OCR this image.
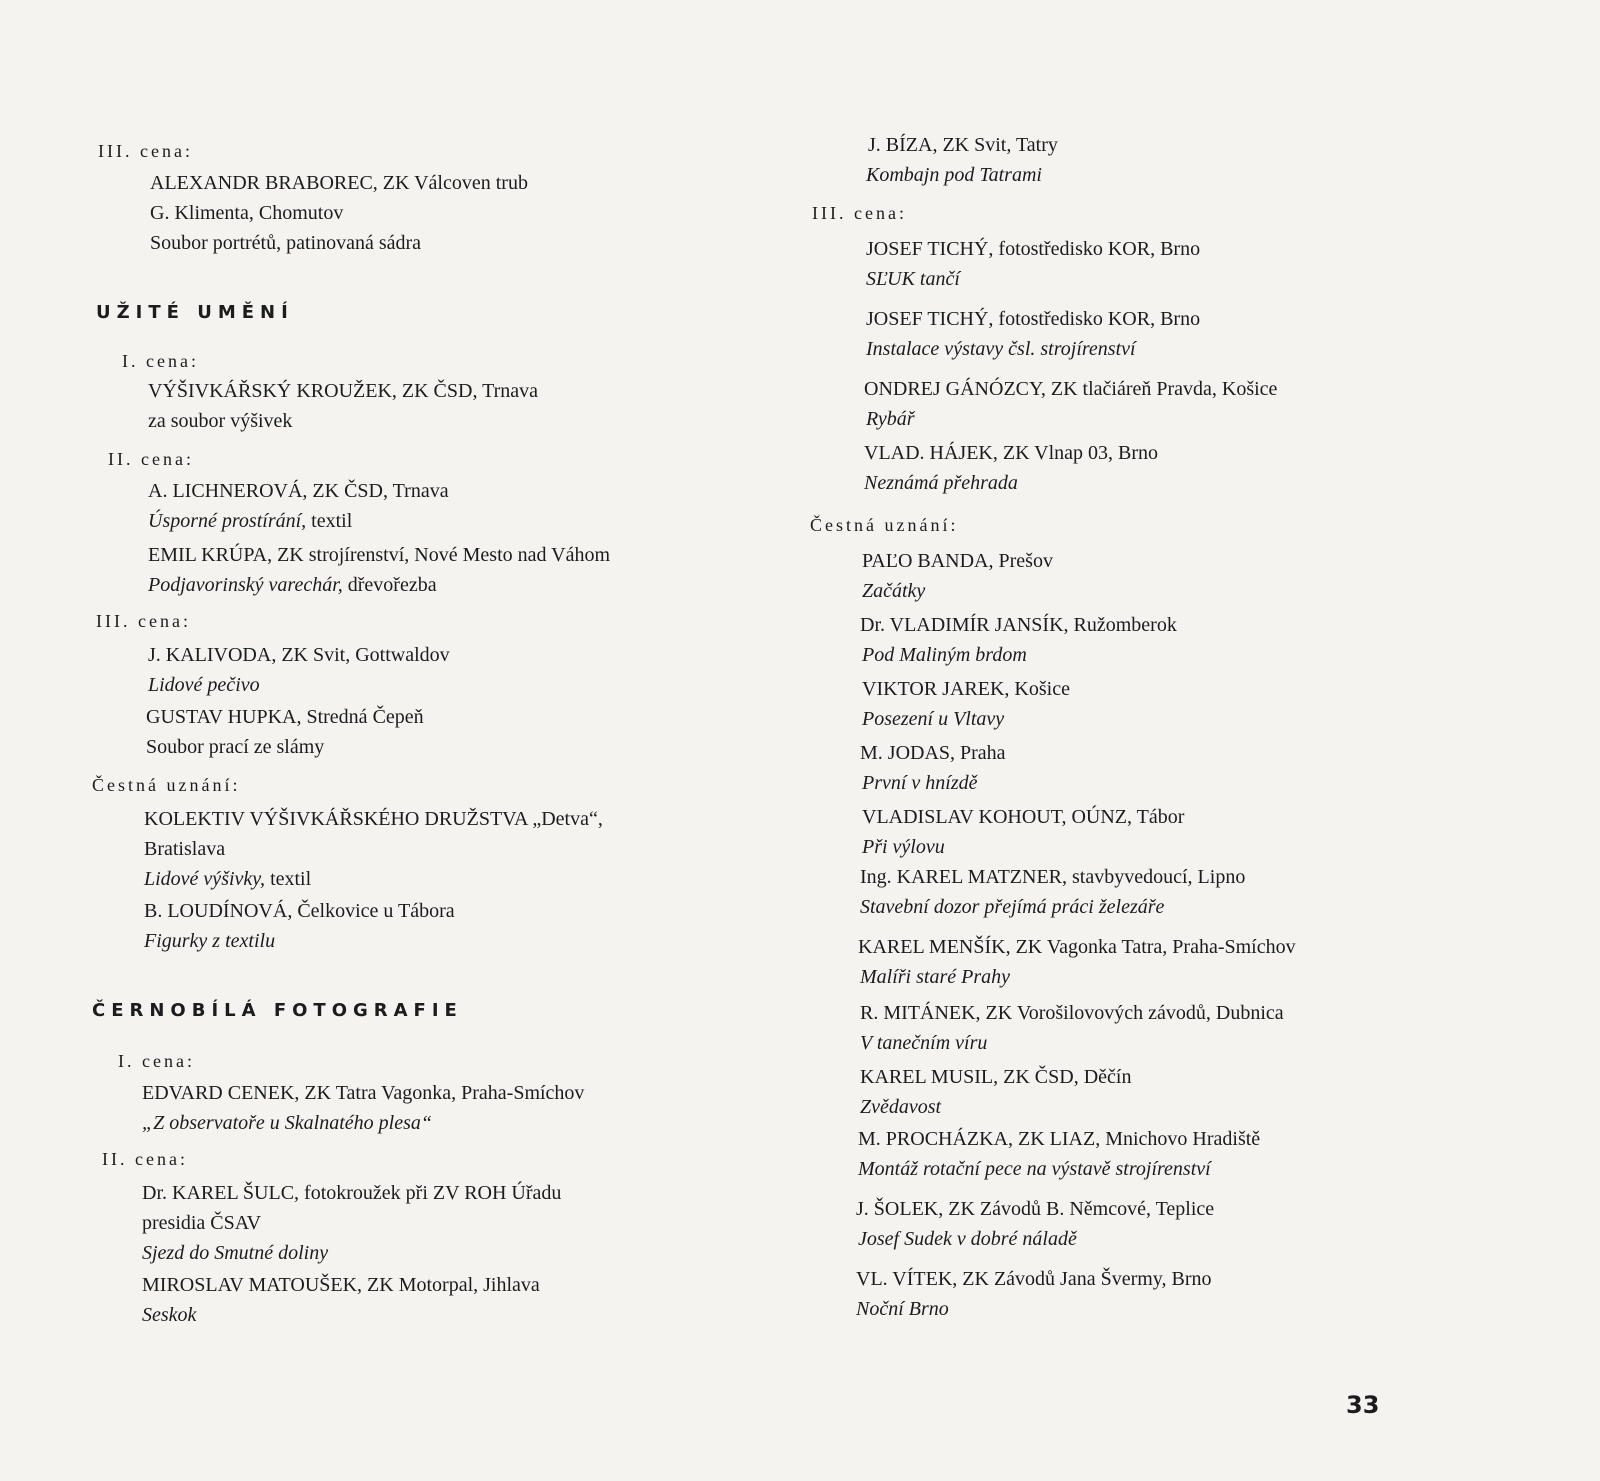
III. cena:
ALEXANDR BRABOREC, ZK Válcoven trub
G. Klimenta, Chomutov
Soubor portrétů, patinovaná sádra
UŽITÉ UMĚNÍ
I. cena:
VÝŠIVKÁŘSKÝ KROUŽEK, ZK ČSD, Trnava
za soubor výšivek
II. cena:
A. LICHNEROVÁ, ZK ČSD, Trnava
Úsporné prostírání, textil
EMIL KRÚPA, ZK strojírenství, Nové Mesto nad Váhom
Podjavorinský varechár, dřevořezba
III. cena:
J. KALIVODA, ZK Svit, Gottwaldov
Lidové pečivo
GUSTAV HUPKA, Stredná Čepeň
Soubor prací ze slámy
Čestná uznání:
KOLEKTIV VÝŠIVKÁŘSKÉHO DRUŽSTVA „Detva“,
Bratislava
Lidové výšivky, textil
B. LOUDÍNOVÁ, Čelkovice u Tábora
Figurky z textilu
ČERNOBÍLÁ FOTOGRAFIE
I. cena:
EDVARD CENEK, ZK Tatra Vagonka, Praha-Smíchov
„Z observatoře u Skalnatého plesa“
II. cena:
Dr. KAREL ŠULC, fotokroužek při ZV ROH Úřadu
presidia ČSAV
Sjezd do Smutné doliny
MIROSLAV MATOUŠEK, ZK Motorpal, Jihlava
Seskok
J. BÍZA, ZK Svit, Tatry
Kombajn pod Tatrami
III. cena:
JOSEF TICHÝ, fotostředisko KOR, Brno
SĽUK tančí
JOSEF TICHÝ, fotostředisko KOR, Brno
Instalace výstavy čsl. strojírenství
ONDREJ GÁNÓZCY, ZK tlačiáreň Pravda, Košice
Rybář
VLAD. HÁJEK, ZK Vlnap 03, Brno
Neznámá přehrada
Čestná uznání:
PAĽO BANDA, Prešov
Začátky
Dr. VLADIMÍR JANSÍK, Ružomberok
Pod Maliným brdom
VIKTOR JAREK, Košice
Posezení u Vltavy
M. JODAS, Praha
První v hnízdě
VLADISLAV KOHOUT, OÚNZ, Tábor
Při výlovu
Ing. KAREL MATZNER, stavbyvedoucí, Lipno
Stavební dozor přejímá práci železáře
KAREL MENŠÍK, ZK Vagonka Tatra, Praha-Smíchov
Malíři staré Prahy
R. MITÁNEK, ZK Vorošilovových závodů, Dubnica
V tanečním víru
KAREL MUSIL, ZK ČSD, Děčín
Zvědavost
M. PROCHÁZKA, ZK LIAZ, Mnichovo Hradiště
Montáž rotační pece na výstavě strojírenství
J. ŠOLEK, ZK Závodů B. Němcové, Teplice
Josef Sudek v dobré náladě
VL. VÍTEK, ZK Závodů Jana Švermy, Brno
Noční Brno
33
